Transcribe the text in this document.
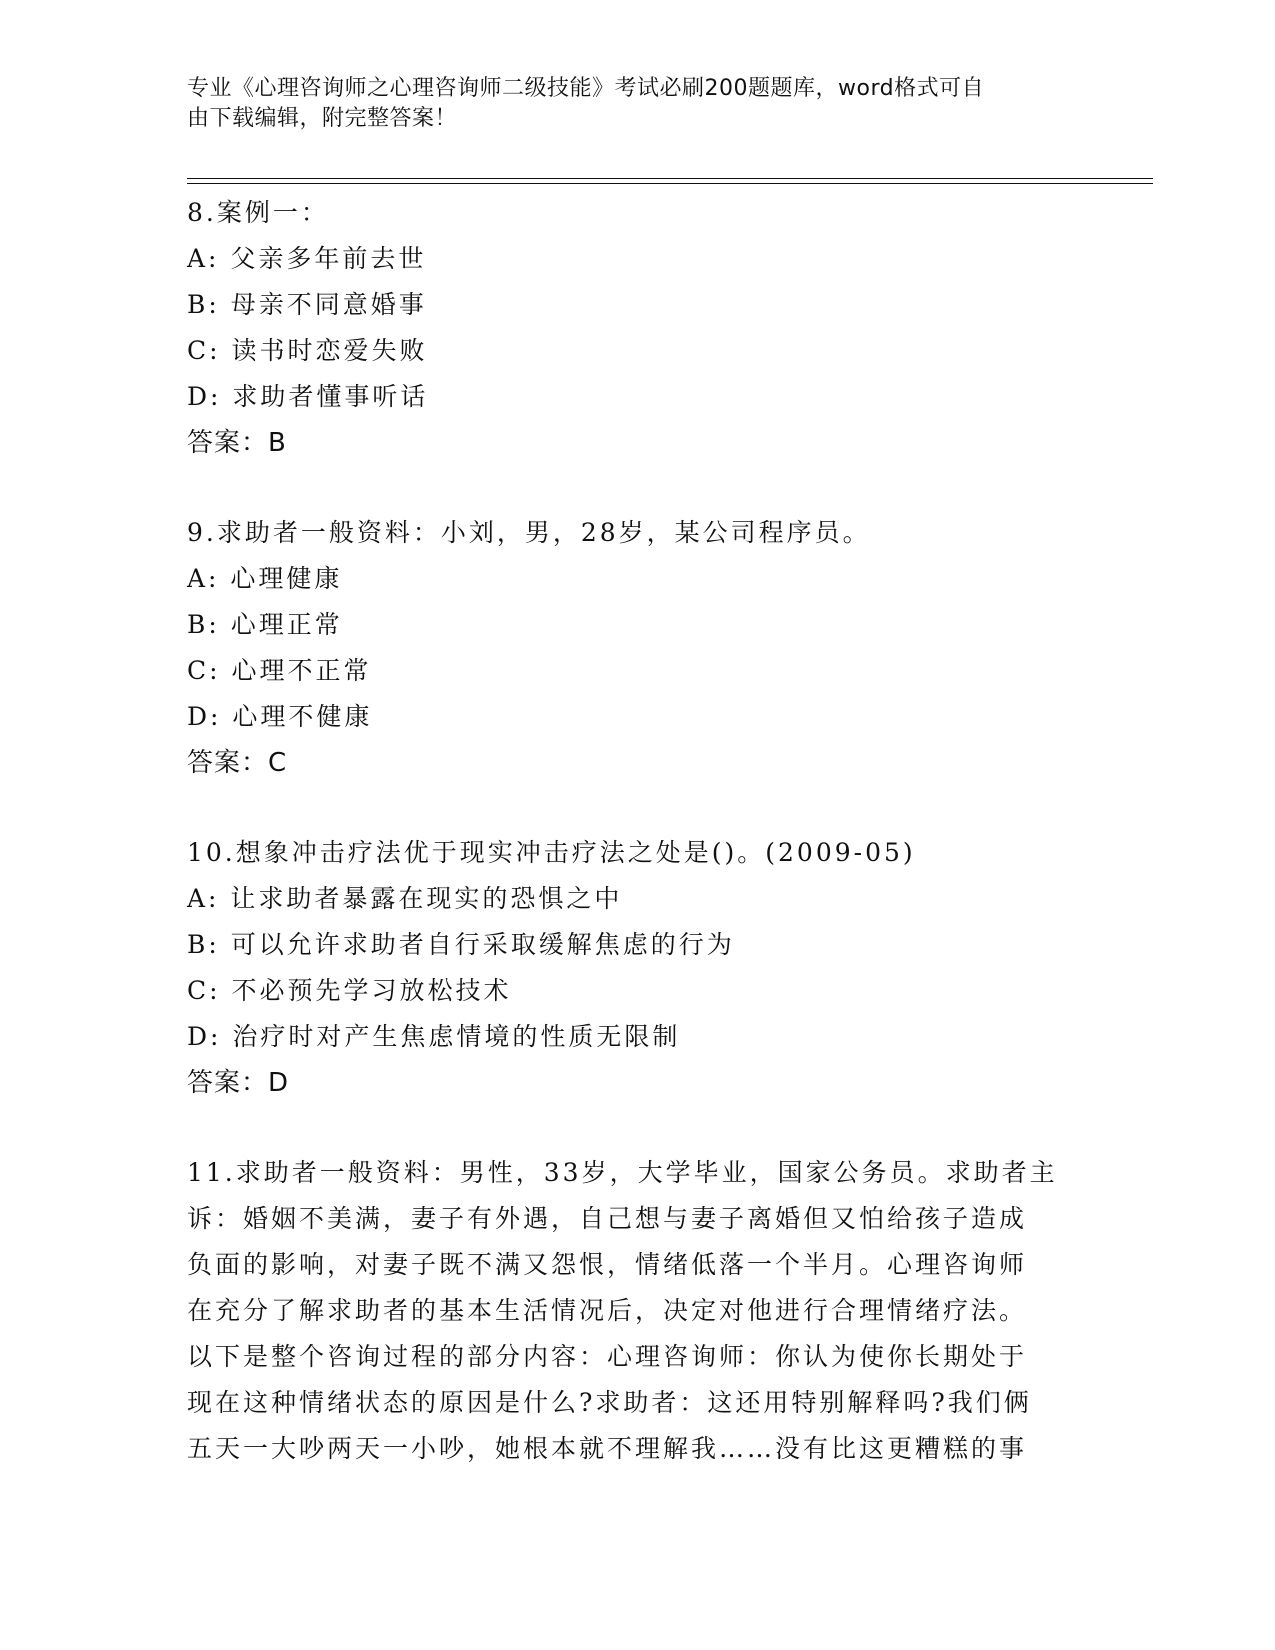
专业《心理咨询师之心理咨询师二级技能》考试必刷200题题库，word格式可自
由下载编辑，附完整答案！
8.案例一：
A: 父亲多年前去世
B: 母亲不同意婚事
C: 读书时恋爱失败
D: 求助者懂事听话
答案：B
9.求助者一般资料：小刘，男，28岁，某公司程序员。
A: 心理健康
B: 心理正常
C: 心理不正常
D: 心理不健康
答案：C
10.想象冲击疗法优于现实冲击疗法之处是()。(2009-05)
A: 让求助者暴露在现实的恐惧之中
B: 可以允许求助者自行采取缓解焦虑的行为
C: 不必预先学习放松技术
D: 治疗时对产生焦虑情境的性质无限制
答案：D
11.求助者一般资料：男性，33岁，大学毕业，国家公务员。求助者主
诉：婚姻不美满，妻子有外遇，自己想与妻子离婚但又怕给孩子造成
负面的影响，对妻子既不满又怨恨，情绪低落一个半月。心理咨询师
在充分了解求助者的基本生活情况后，决定对他进行合理情绪疗法。
以下是整个咨询过程的部分内容：心理咨询师：你认为使你长期处于
现在这种情绪状态的原因是什么?求助者：这还用特别解释吗?我们俩
五天一大吵两天一小吵，她根本就不理解我……没有比这更糟糕的事
